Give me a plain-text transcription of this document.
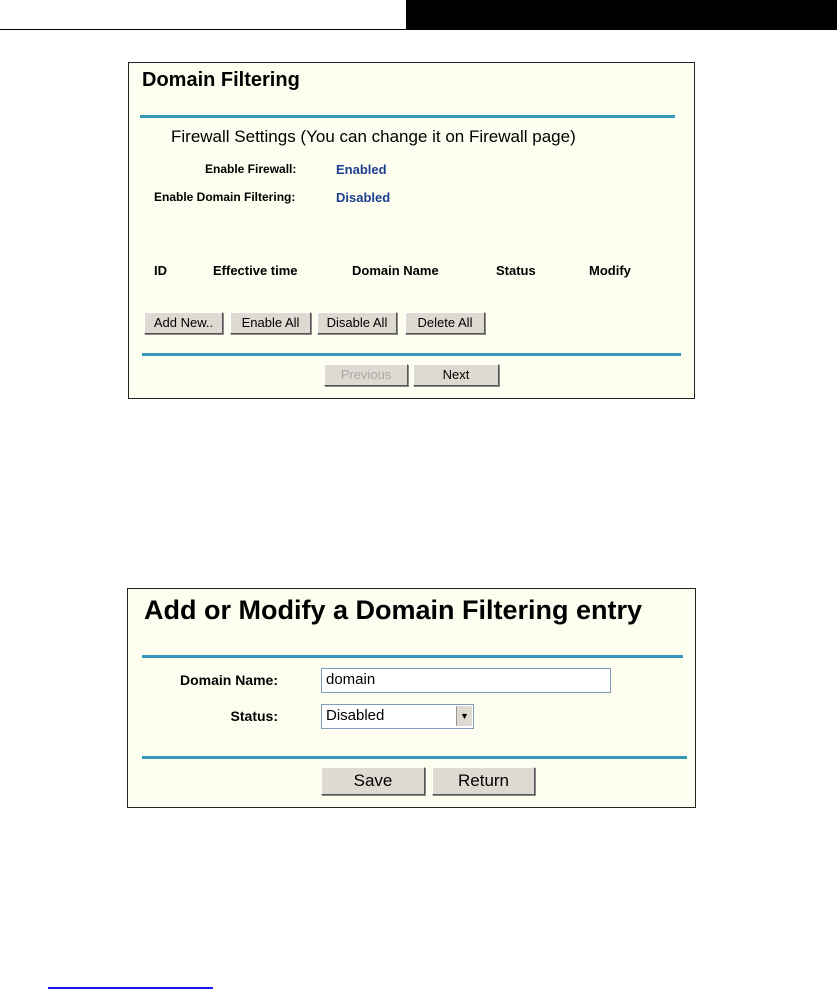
Domain Filtering
Firewall Settings (You can change it on Firewall page)
Enable Firewall:	Enabled
Enable Domain Filtering:	Disabled
ID	Effective time	Domain Name	Status	Modify
Add New..	Enable All	Disable All	Delete All
Previous	Next
Add or Modify a Domain Filtering entry
Domain Name:	domain
Status:	Disabled	▼
Save	Return
